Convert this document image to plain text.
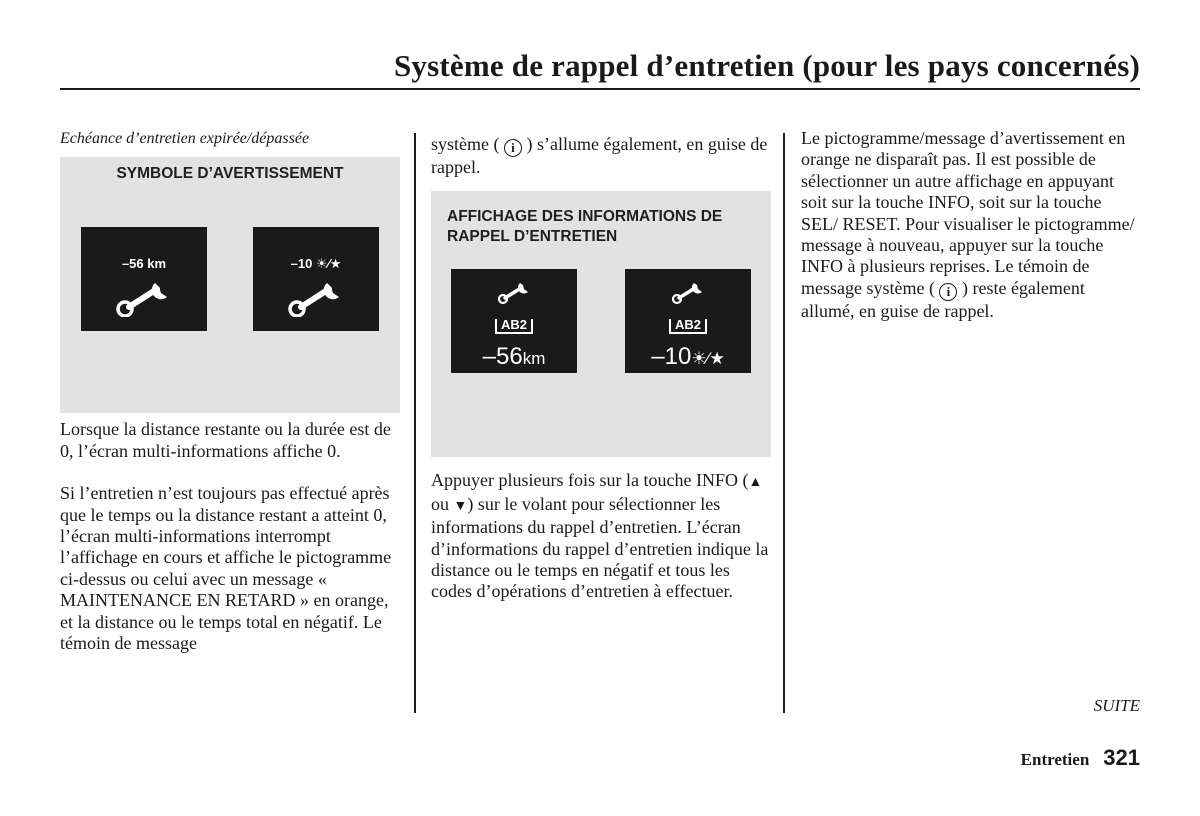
Système de rappel d’entretien (pour les pays concernés)

Echéance d’entretien expirée/dépassée

SYMBOLE D’AVERTISSEMENT
–56 km	–10 ☀⁄★

Lorsque la distance restante ou la durée est de 0, l’écran multi-informations affiche 0.

Si l’entretien n’est toujours pas effectué après que le temps ou la distance restant a atteint 0, l’écran multi-informations interrompt l’affichage en cours et affiche le pictogramme ci-dessus ou celui avec un message « MAINTENANCE EN RETARD » en orange, et la distance ou le temps total en négatif. Le témoin de message

système ( i ) s’allume également, en guise de rappel.

AFFICHAGE DES INFORMATIONS DE RAPPEL D’ENTRETIEN
AB2
–56km
AB2
–10☀⁄★

Appuyer plusieurs fois sur la touche INFO (▲ ou ▼) sur le volant pour sélectionner les informations du rappel d’entretien. L’écran d’informations du rappel d’entretien indique la distance ou le temps en négatif et tous les codes d’opérations d’entretien à effectuer.

Le pictogramme/message d’avertissement en orange ne disparaît pas. Il est possible de sélectionner un autre affichage en appuyant soit sur la touche INFO, soit sur la touche SEL/ RESET. Pour visualiser le pictogramme/ message à nouveau, appuyer sur la touche INFO à plusieurs reprises. Le témoin de message système ( i ) reste également allumé, en guise de rappel.

SUITE
Entretien 321
